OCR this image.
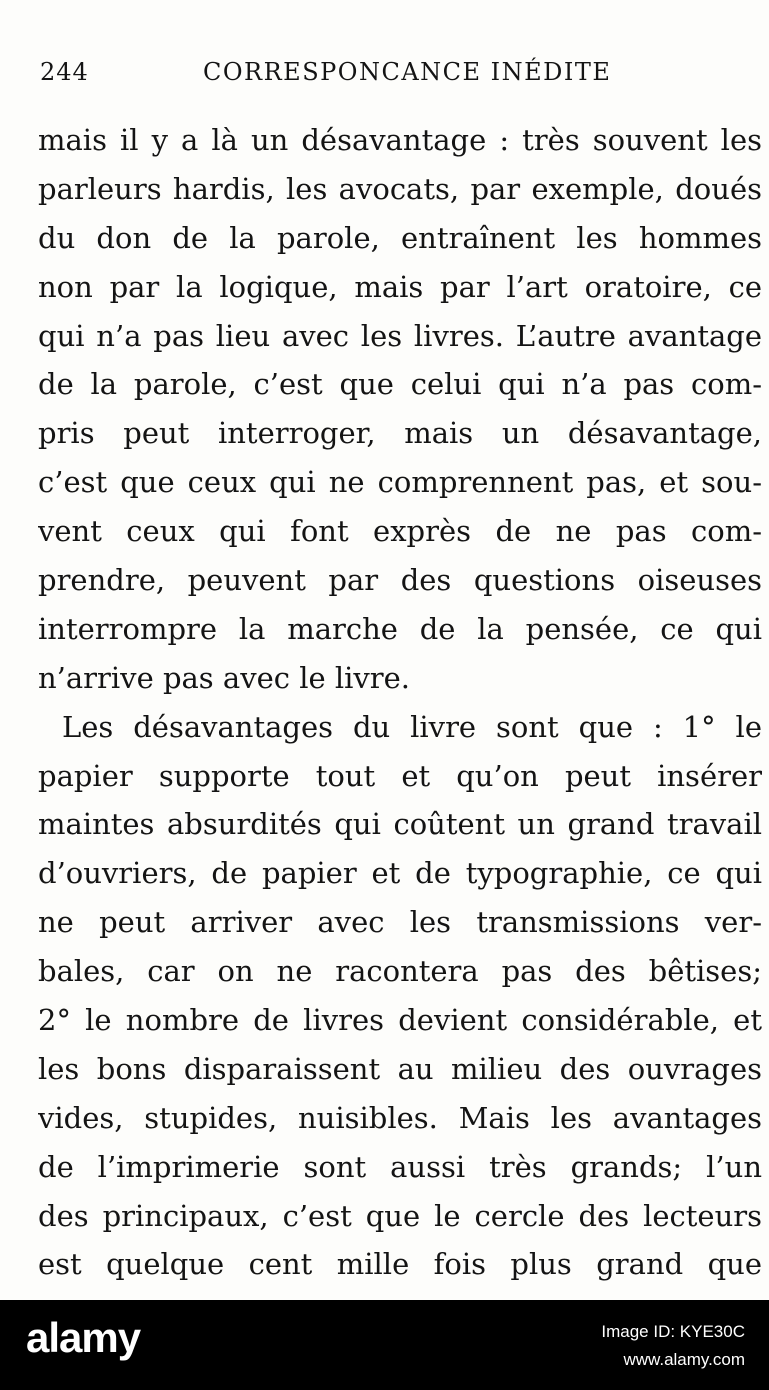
244	CORRESPONCANCE INÉDITE
mais il y a là un désavantage : très souvent les
parleurs hardis, les avocats, par exemple, doués
du don de la parole, entraînent les hommes
non par la logique, mais par l’art oratoire, ce
qui n’a pas lieu avec les livres. L’autre avantage
de la parole, c’est que celui qui n’a pas com-
pris peut interroger, mais un désavantage,
c’est que ceux qui ne comprennent pas, et sou-
vent ceux qui font exprès de ne pas com-
prendre, peuvent par des questions oiseuses
interrompre la marche de la pensée, ce qui
n’arrive pas avec le livre.
Les désavantages du livre sont que : 1° le
papier supporte tout et qu’on peut insérer
maintes absurdités qui coûtent un grand travail
d’ouvriers, de papier et de typographie, ce qui
ne peut arriver avec les transmissions ver-
bales, car on ne racontera pas des bêtises;
2° le nombre de livres devient considérable, et
les bons disparaissent au milieu des ouvrages
vides, stupides, nuisibles. Mais les avantages
de l’imprimerie sont aussi très grands; l’un
des principaux, c’est que le cercle des lecteurs
est quelque cent mille fois plus grand que
alamy	Image ID: KYE30C
www.alamy.com
